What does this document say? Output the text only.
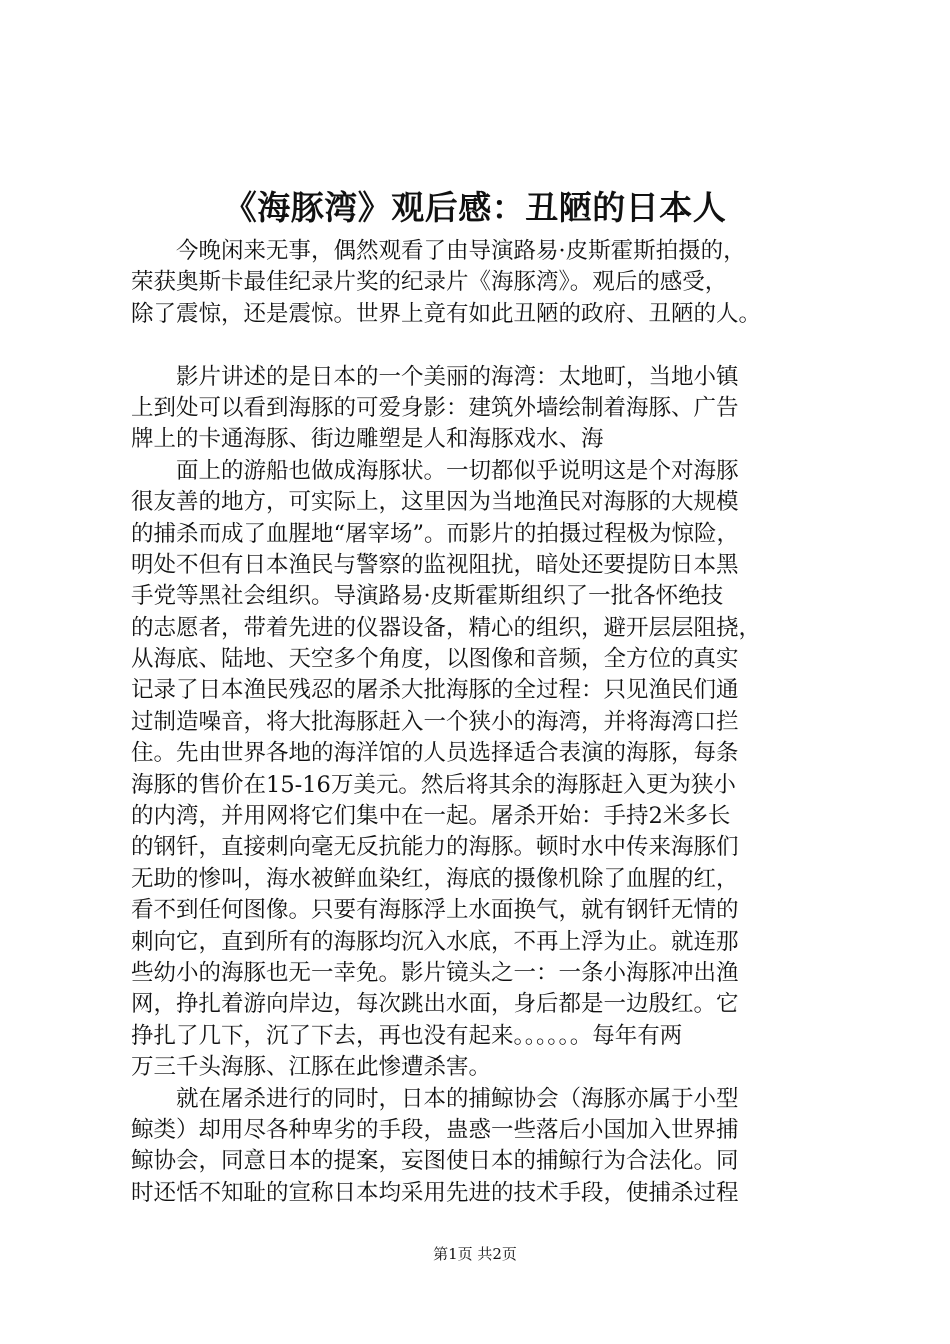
《海豚湾》观后感：丑陋的日本人
　　今晚闲来无事，偶然观看了由导演路易·皮斯霍斯拍摄的，
荣获奥斯卡最佳纪录片奖的纪录片《海豚湾》。观后的感受，
除了震惊，还是震惊。世界上竟有如此丑陋的政府、丑陋的人。
　　影片讲述的是日本的一个美丽的海湾：太地町，当地小镇
上到处可以看到海豚的可爱身影：建筑外墙绘制着海豚、广告
牌上的卡通海豚、街边雕塑是人和海豚戏水、海
　　面上的游船也做成海豚状。一切都似乎说明这是个对海豚
很友善的地方，可实际上，这里因为当地渔民对海豚的大规模
的捕杀而成了血腥地“屠宰场”。而影片的拍摄过程极为惊险，
明处不但有日本渔民与警察的监视阻扰，暗处还要提防日本黑
手党等黑社会组织。导演路易·皮斯霍斯组织了一批各怀绝技
的志愿者，带着先进的仪器设备，精心的组织，避开层层阻挠，
从海底、陆地、天空多个角度，以图像和音频，全方位的真实
记录了日本渔民残忍的屠杀大批海豚的全过程：只见渔民们通
过制造噪音，将大批海豚赶入一个狭小的海湾，并将海湾口拦
住。先由世界各地的海洋馆的人员选择适合表演的海豚，每条
海豚的售价在15-16万美元。然后将其余的海豚赶入更为狭小
的内湾，并用网将它们集中在一起。屠杀开始：手持2米多长
的钢钎，直接刺向毫无反抗能力的海豚。顿时水中传来海豚们
无助的惨叫，海水被鲜血染红，海底的摄像机除了血腥的红，
看不到任何图像。只要有海豚浮上水面换气，就有钢钎无情的
刺向它，直到所有的海豚均沉入水底，不再上浮为止。就连那
些幼小的海豚也无一幸免。影片镜头之一：一条小海豚冲出渔
网，挣扎着游向岸边，每次跳出水面，身后都是一边殷红。它
挣扎了几下，沉了下去，再也没有起来。。。。。。每年有两
万三千头海豚、江豚在此惨遭杀害。
　　就在屠杀进行的同时，日本的捕鲸协会（海豚亦属于小型
鲸类）却用尽各种卑劣的手段，蛊惑一些落后小国加入世界捕
鲸协会，同意日本的提案，妄图使日本的捕鲸行为合法化。同
时还恬不知耻的宣称日本均采用先进的技术手段，使捕杀过程
第1页 共2页
